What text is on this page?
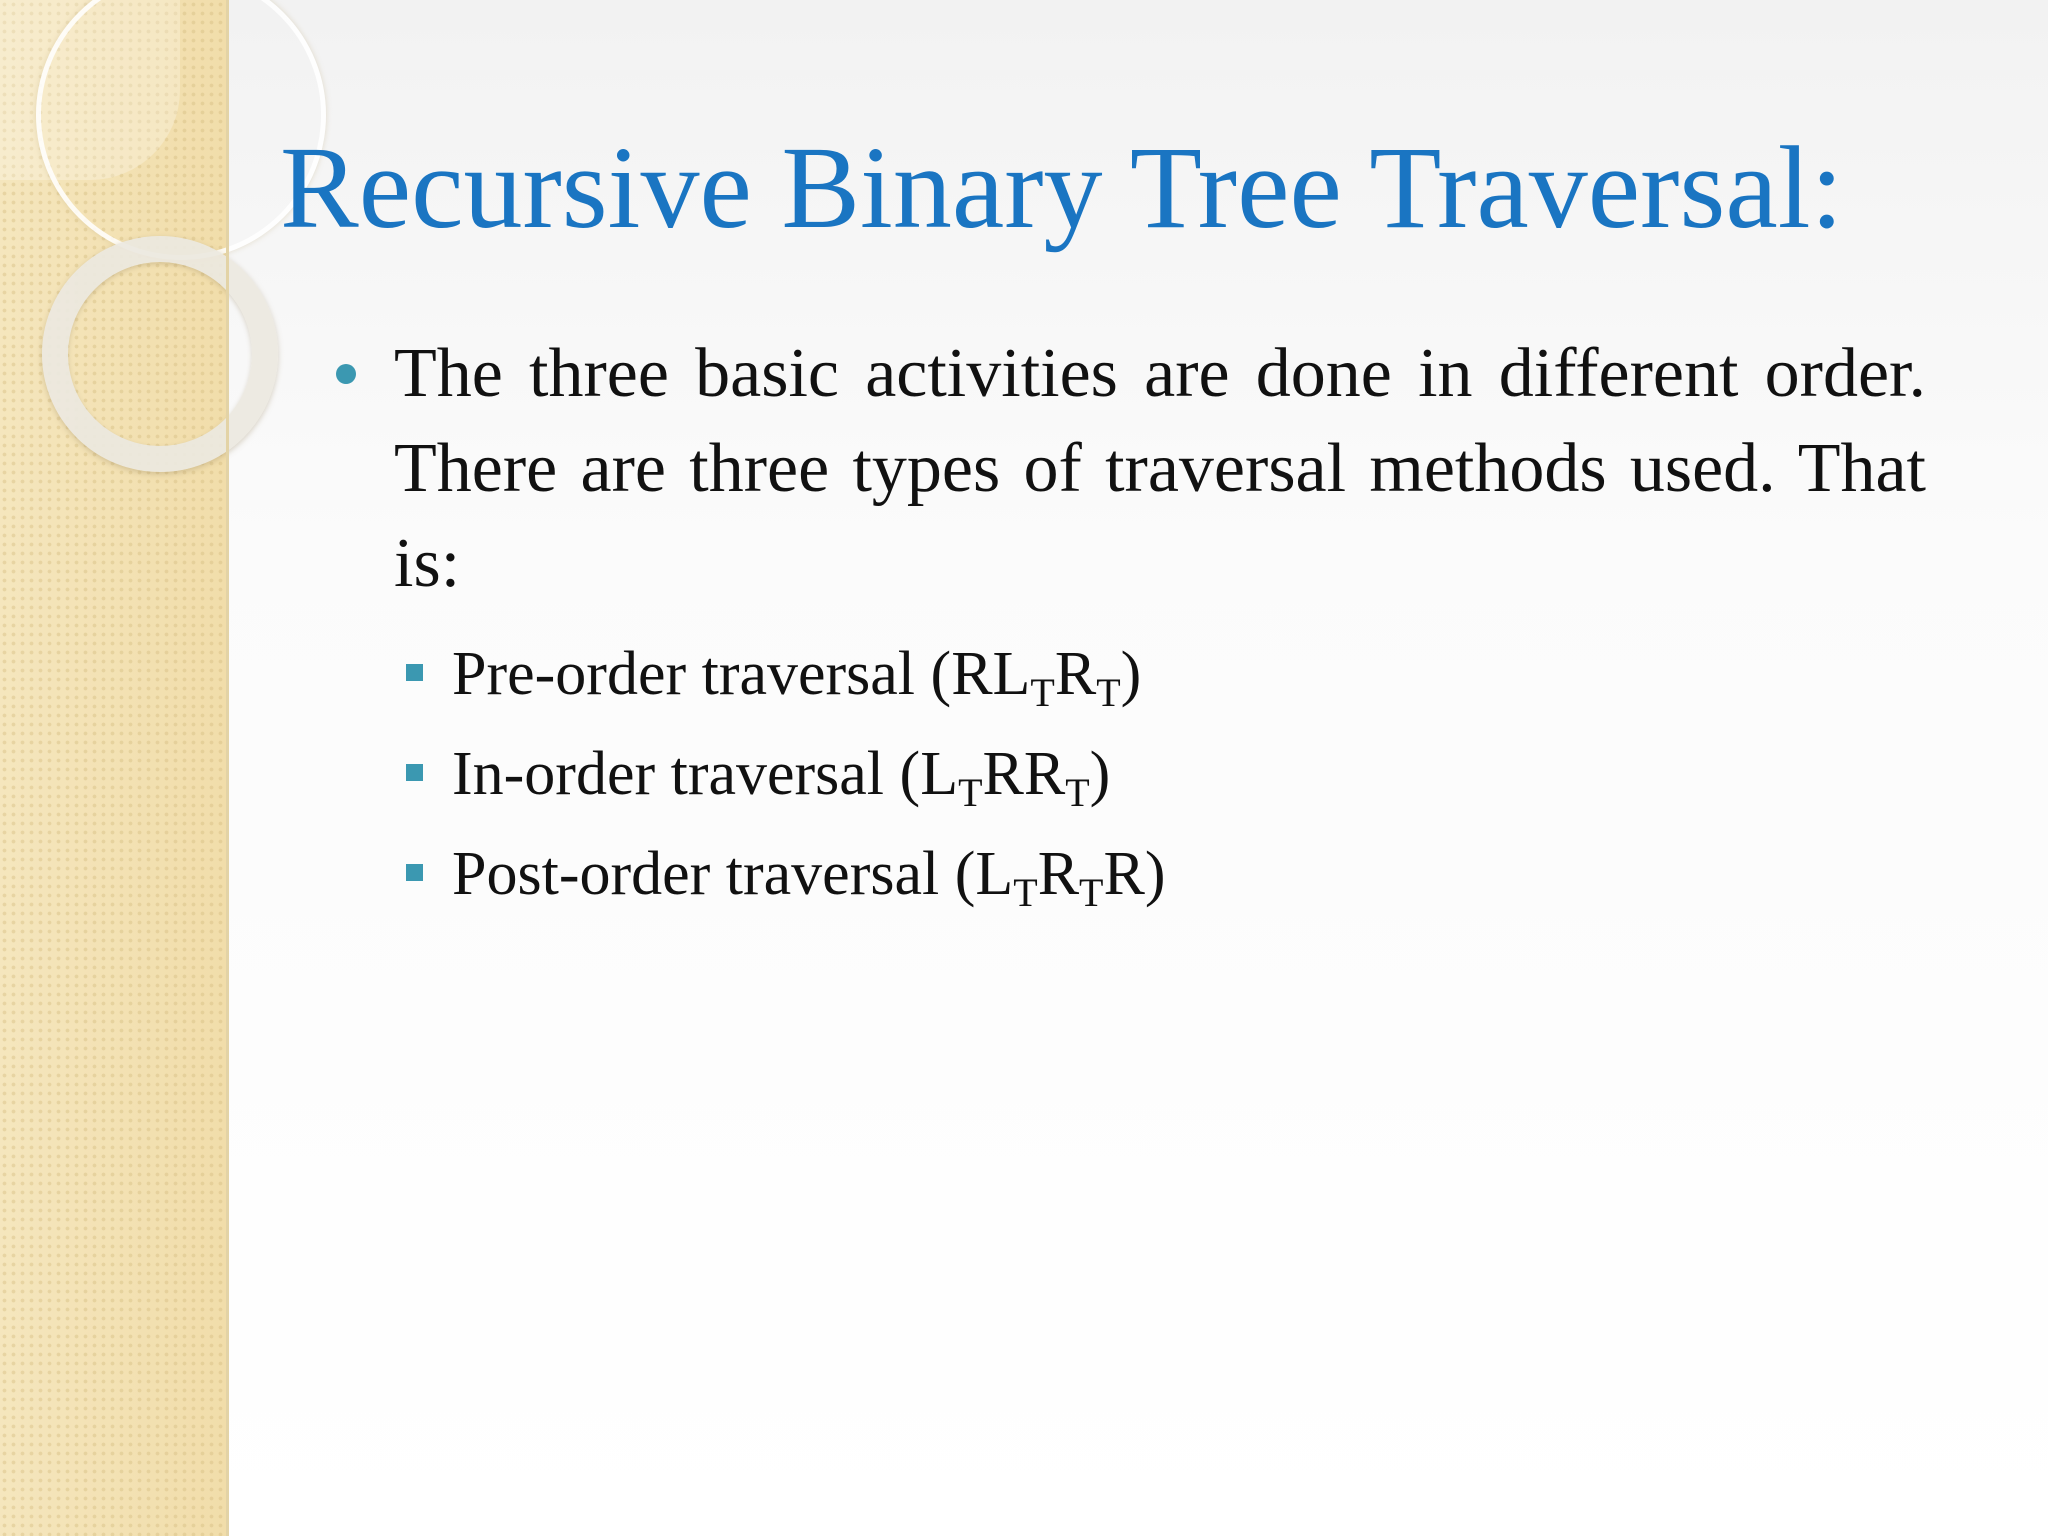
Recursive Binary Tree Traversal:
The three basic activities are done in different order. There are three types of traversal methods used. That is:
Pre-order traversal $(RL_TR_T)$
In-order traversal $(L_TRR_T)$
Post-order traversal $(L_TR_TR)$
